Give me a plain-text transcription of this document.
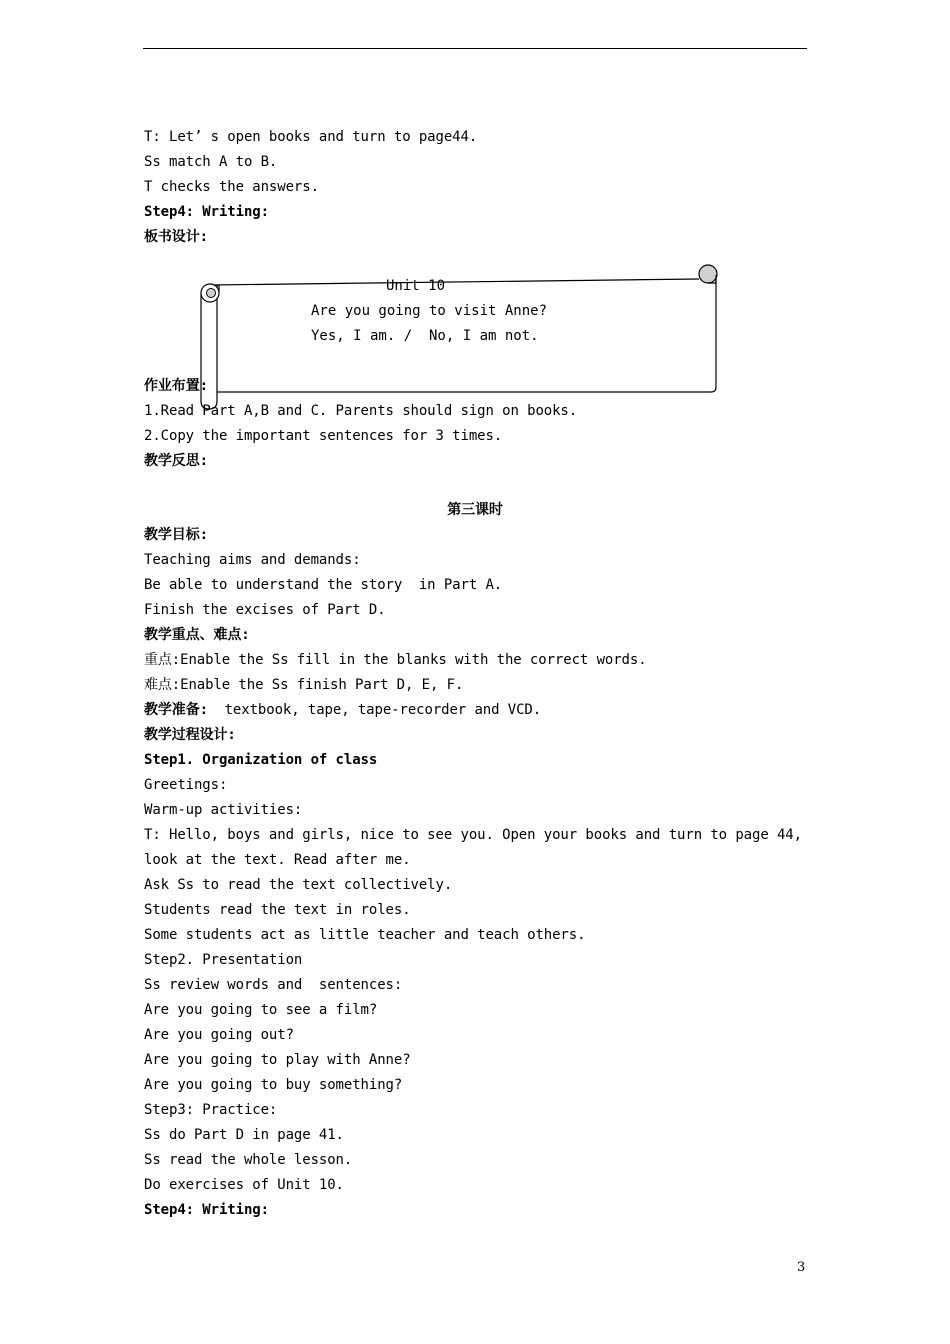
T: Let’ s open books and turn to page44.
Ss match A to B.
T checks the answers.
Step4: Writing:
板书设计:
Unit 10
Are you going to visit Anne?
Yes, I am. /  No, I am not.
作业布置:
1.Read Part A,B and C. Parents should sign on books.
2.Copy the important sentences for 3 times.
教学反思:
第三课时
教学目标:
Teaching aims and demands:
Be able to understand the story  in Part A.
Finish the excises of Part D.
教学重点、难点:
重点:Enable the Ss fill in the blanks with the correct words.
难点:Enable the Ss finish Part D, E, F.
教学准备:  textbook, tape, tape-recorder and VCD.
教学过程设计:
Step1. Organization of class
Greetings:
Warm-up activities:
T: Hello, boys and girls, nice to see you. Open your books and turn to page 44,
look at the text. Read after me.
Ask Ss to read the text collectively.
Students read the text in roles.
Some students act as little teacher and teach others.
Step2. Presentation
Ss review words and  sentences:
Are you going to see a film?
Are you going out?
Are you going to play with Anne?
Are you going to buy something?
Step3: Practice:
Ss do Part D in page 41.
Ss read the whole lesson.
Do exercises of Unit 10.
Step4: Writing:
3
